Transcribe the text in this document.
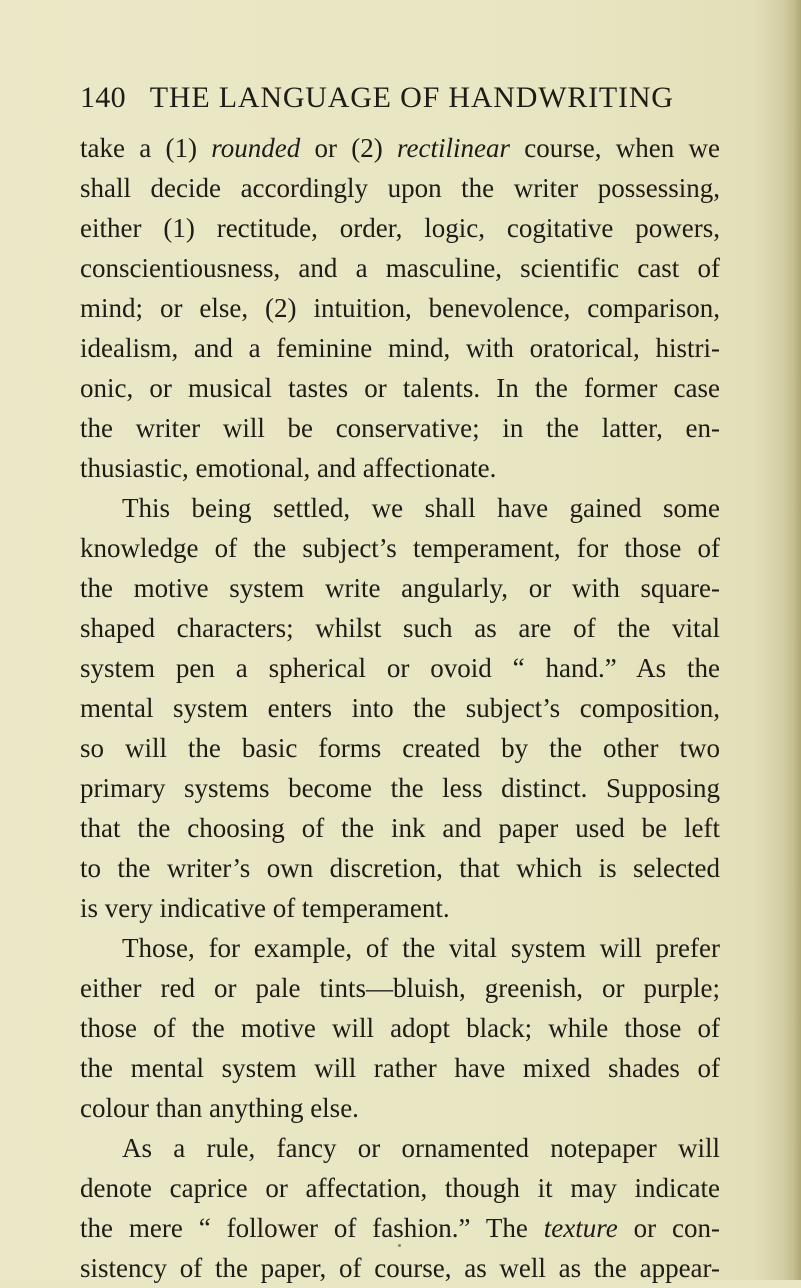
140 THE LANGUAGE OF HANDWRITING
take a (1) rounded or (2) rectilinear course, when we
shall decide accordingly upon the writer possessing,
either (1) rectitude, order, logic, cogitative powers,
conscientiousness, and a masculine, scientific cast of
mind; or else, (2) intuition, benevolence, comparison,
idealism, and a feminine mind, with oratorical, histri-
onic, or musical tastes or talents. In the former case
the writer will be conservative; in the latter, en-
thusiastic, emotional, and affectionate.
This being settled, we shall have gained some
knowledge of the subject’s temperament, for those of
the motive system write angularly, or with square-
shaped characters; whilst such as are of the vital
system pen a spherical or ovoid “ hand.” As the
mental system enters into the subject’s composition,
so will the basic forms created by the other two
primary systems become the less distinct. Supposing
that the choosing of the ink and paper used be left
to the writer’s own discretion, that which is selected
is very indicative of temperament.
Those, for example, of the vital system will prefer
either red or pale tints—bluish, greenish, or purple;
those of the motive will adopt black; while those of
the mental system will rather have mixed shades of
colour than anything else.
As a rule, fancy or ornamented notepaper will
denote caprice or affectation, though it may indicate
the mere “ follower of fashion.” The texture or con-
sistency of the paper, of course, as well as the appear-
